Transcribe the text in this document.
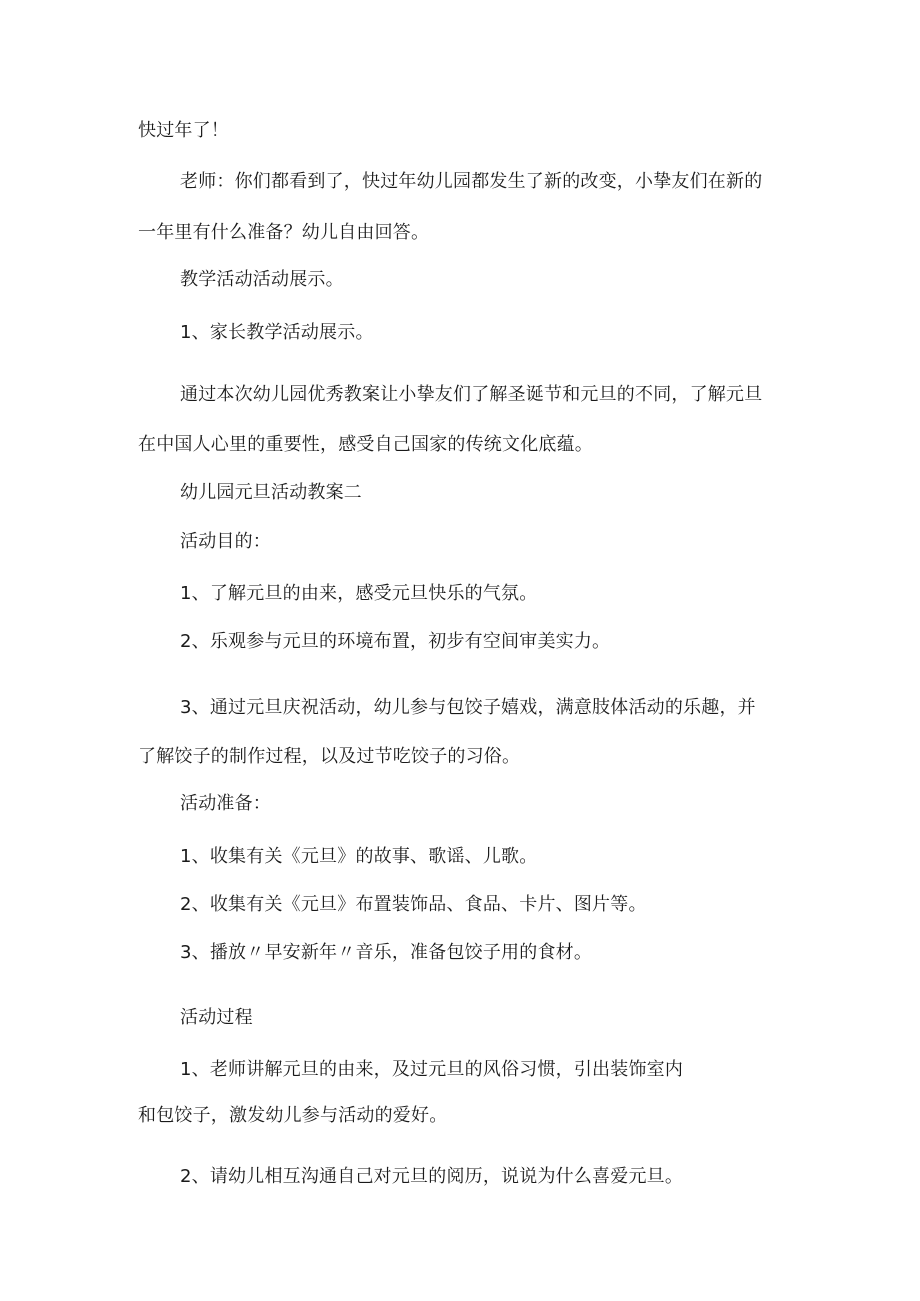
快过年了！

老师：你们都看到了，快过年幼儿园都发生了新的改变，小挚友们在新的

一年里有什么准备？幼儿自由回答。

教学活动活动展示。

1、家长教学活动展示。

通过本次幼儿园优秀教案让小挚友们了解圣诞节和元旦的不同，了解元旦

在中国人心里的重要性，感受自己国家的传统文化底蕴。

幼儿园元旦活动教案二

活动目的：

1、了解元旦的由来，感受元旦快乐的气氛。

2、乐观参与元旦的环境布置，初步有空间审美实力。

3、通过元旦庆祝活动，幼儿参与包饺子嬉戏，满意肢体活动的乐趣，并

了解饺子的制作过程，以及过节吃饺子的习俗。

活动准备：

1、收集有关《元旦》的故事、歌谣、儿歌。

2、收集有关《元旦》布置装饰品、食品、卡片、图片等。

3、播放〃早安新年〃音乐，准备包饺子用的食材。

活动过程

1、老师讲解元旦的由来，及过元旦的风俗习惯，引出装饰室内

和包饺子，激发幼儿参与活动的爱好。

2、请幼儿相互沟通自己对元旦的阅历，说说为什么喜爱元旦。
